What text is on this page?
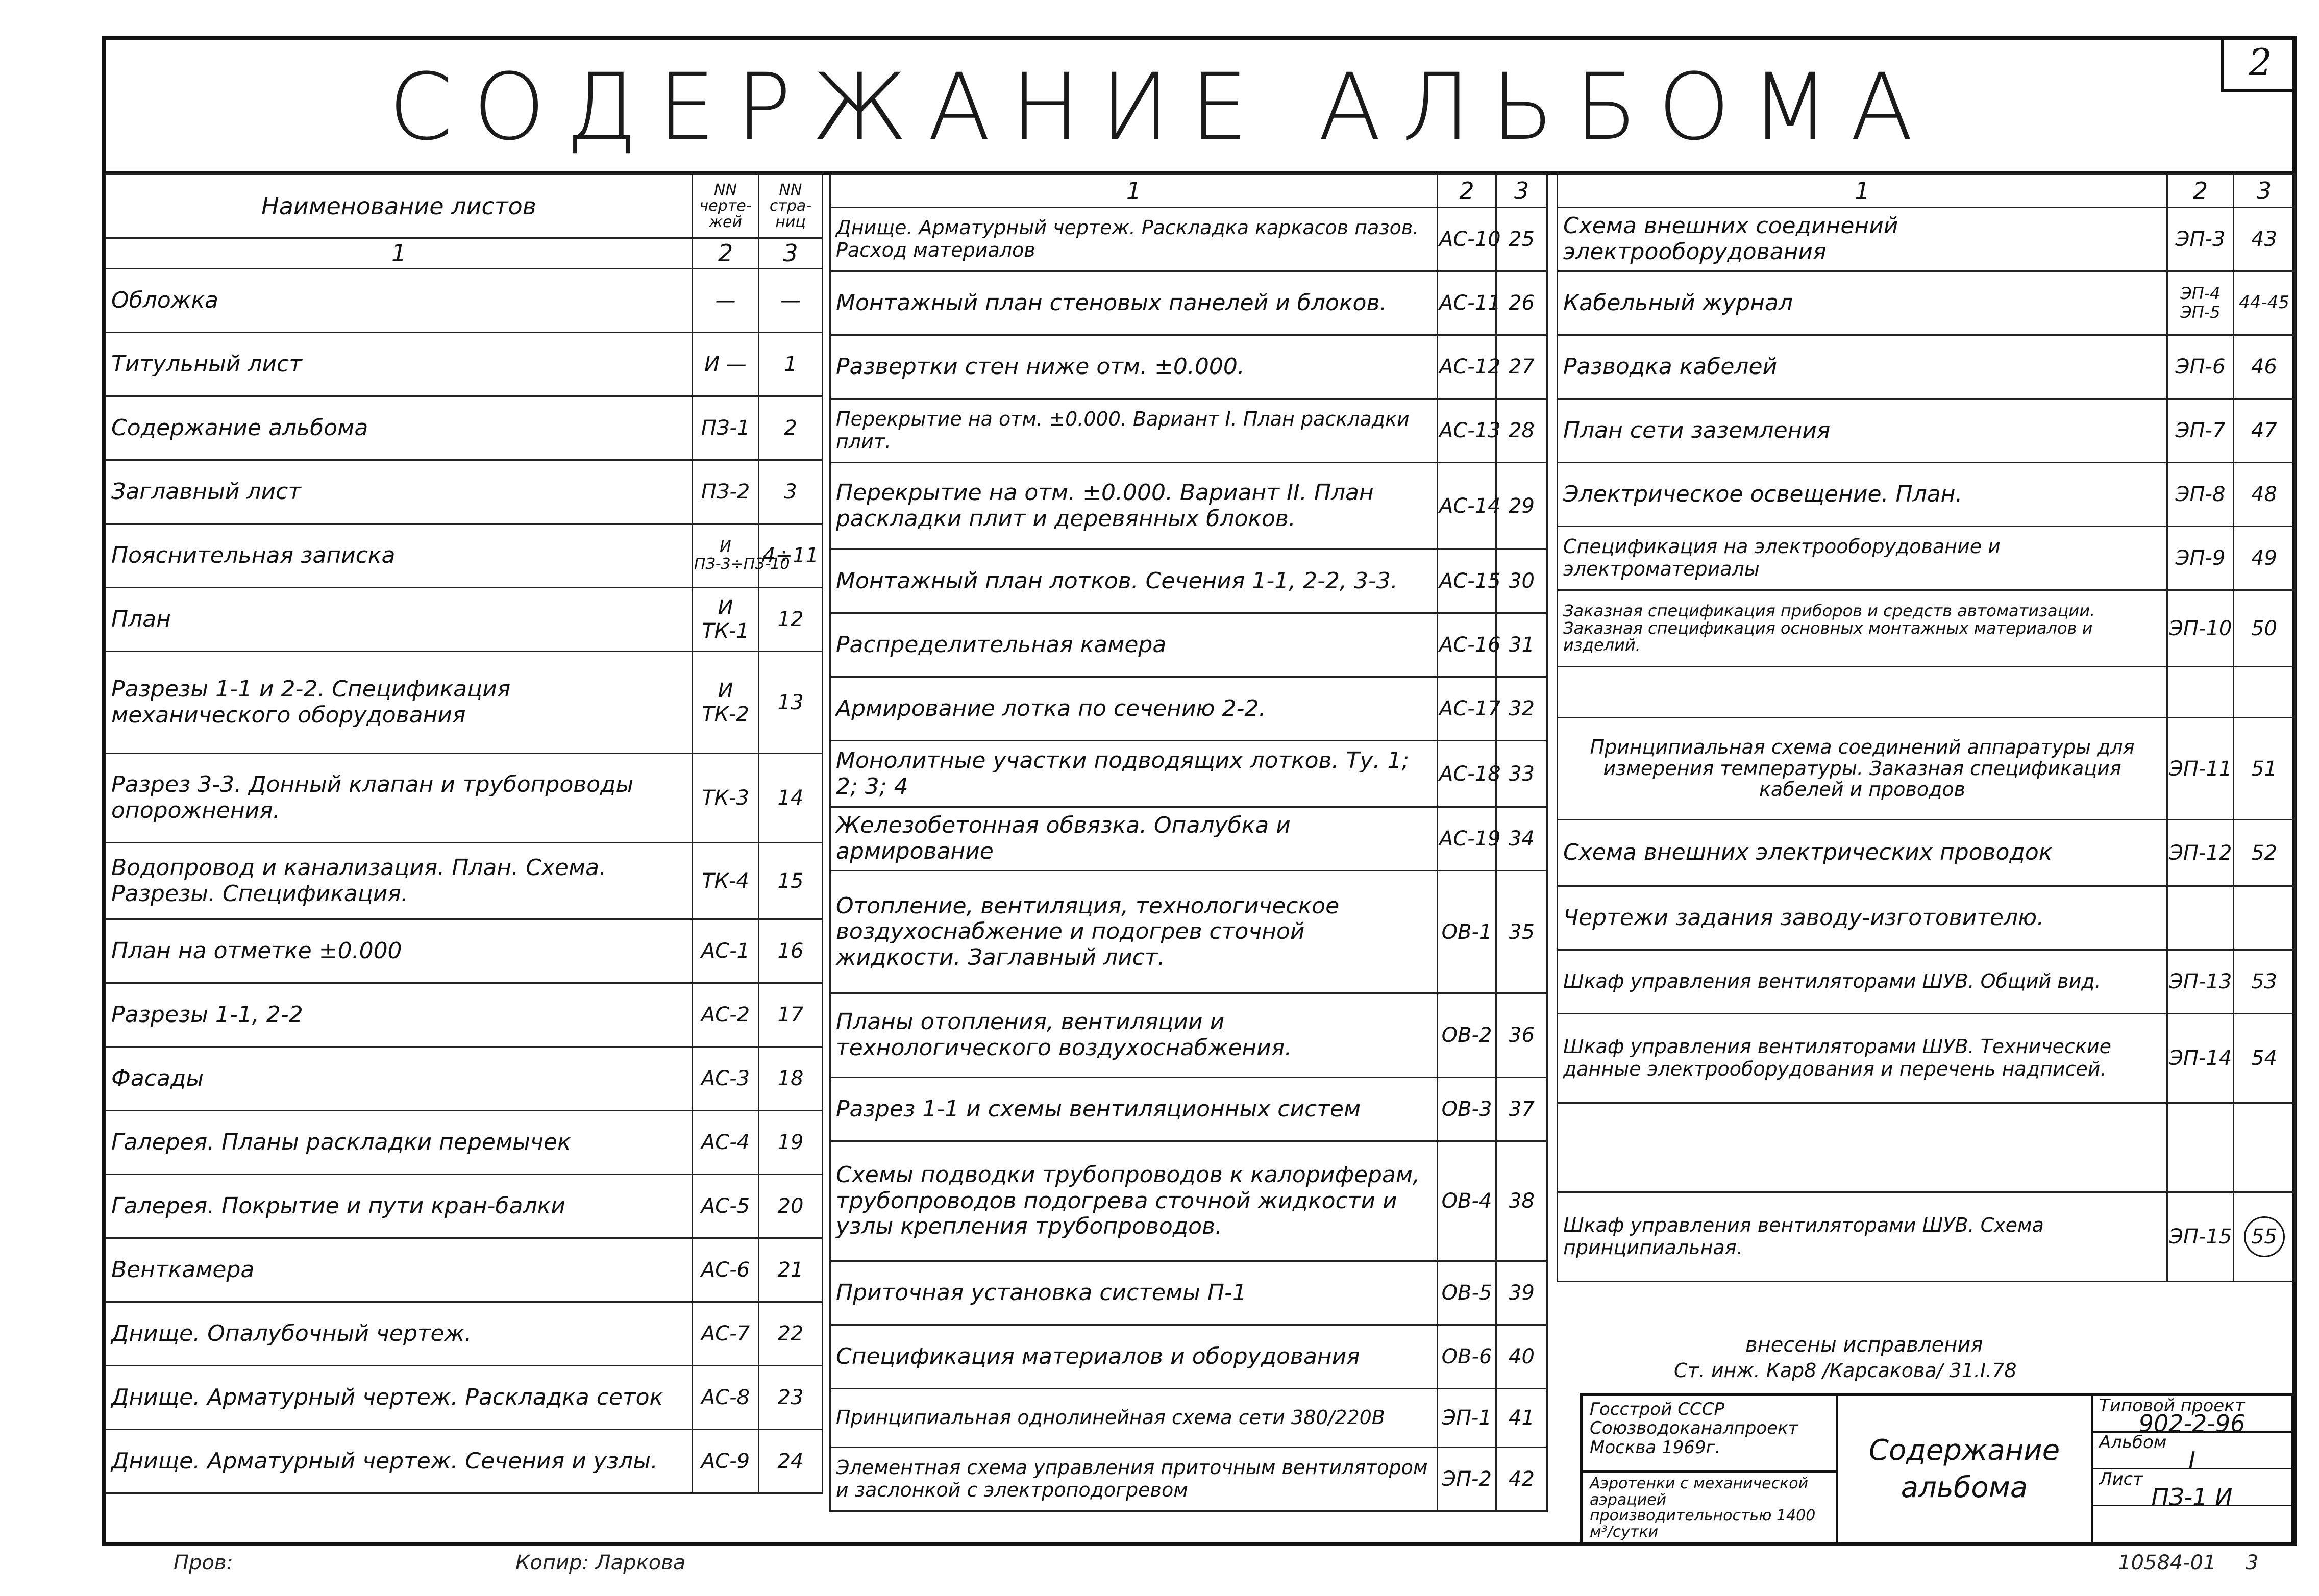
2
СОДЕРЖАНИЕ АЛЬБОМА
Наименование листов	NN черте-жей	NN стра-ниц
1	2	3
Обложка	—	—
Титульный лист	И —	1
Содержание альбома	ПЗ-1	2
Заглавный лист	ПЗ-2	3
Пояснительная записка	И ПЗ-3÷ПЗ-10	4÷11
План	И ТК-1	12
Разрезы 1-1 и 2-2. Спецификация механического оборудования	И ТК-2	13
Разрез 3-3. Донный клапан и трубопроводы опорожнения.	ТК-3	14
Водопровод и канализация. План. Схема. Разрезы. Спецификация.	ТК-4	15
План на отметке ±0.000	АС-1	16
Разрезы 1-1, 2-2	АС-2	17
Фасады	АС-3	18
Галерея. Планы раскладки перемычек	АС-4	19
Галерея. Покрытие и пути кран-балки	АС-5	20
Венткамера	АС-6	21
Днище. Опалубочный чертеж.	АС-7	22
Днище. Арматурный чертеж. Раскладка сеток	АС-8	23
Днище. Арматурный чертеж. Сечения и узлы.	АС-9	24
1	2	3
Днище. Арматурный чертеж. Раскладка каркасов пазов. Расход материалов	АС-10	25
Монтажный план стеновых панелей и блоков.	АС-11	26
Развертки стен ниже отм. ±0.000.	АС-12	27
Перекрытие на отм. ±0.000. Вариант I. План раскладки плит.	АС-13	28
Перекрытие на отм. ±0.000. Вариант II. План раскладки плит и деревянных блоков.	АС-14	29
Монтажный план лотков. Сечения 1-1, 2-2, 3-3.	АС-15	30
Распределительная камера	АС-16	31
Армирование лотка по сечению 2-2.	АС-17	32
Монолитные участки подводящих лотков. Ту. 1; 2; 3; 4	АС-18	33
Железобетонная обвязка. Опалубка и армирование	АС-19	34
Отопление, вентиляция, технологическое воздухоснабжение и подогрев сточной жидкости. Заглавный лист.	ОВ-1	35
Планы отопления, вентиляции и технологического воздухоснабжения.	ОВ-2	36
Разрез 1-1 и схемы вентиляционных систем	ОВ-3	37
Схемы подводки трубопроводов к калориферам, трубопроводов подогрева сточной жидкости и узлы крепления трубопроводов.	ОВ-4	38
Приточная установка системы П-1	ОВ-5	39
Спецификация материалов и оборудования	ОВ-6	40
Принципиальная однолинейная схема сети 380/220В	ЭП-1	41
Элементная схема управления приточным вентилятором и заслонкой с электроподогревом	ЭП-2	42
1	2	3
Схема внешних соединений электрооборудования	ЭП-3	43
Кабельный журнал	ЭП-4 ЭП-5	44-45
Разводка кабелей	ЭП-6	46
План сети заземления	ЭП-7	47
Электрическое освещение. План.	ЭП-8	48
Спецификация на электрооборудование и электроматериалы	ЭП-9	49
Заказная спецификация приборов и средств автоматизации. Заказная спецификация основных монтажных материалов и изделий.	ЭП-10	50

Принципиальная схема соединений аппаратуры для измерения температуры. Заказная спецификация кабелей и проводов	ЭП-11	51
Схема внешних электрических проводок	ЭП-12	52
Чертежи задания заводу-изготовителю.		
Шкаф управления вентиляторами ШУВ. Общий вид.	ЭП-13	53
Шкаф управления вентиляторами ШУВ. Технические данные электрооборудования и перечень надписей.	ЭП-14	54

Шкаф управления вентиляторами ШУВ. Схема принципиальная.	ЭП-15	55
внесены исправления
Ст. инж. Кар8 /Карсакова/ 31.I.78
Госстрой СССР Союзводоканалпроект Москва 1969г.
Аэротенки с механической аэрацией производительностью 1400 м³/сутки
Содержание
альбома
Типовой проект
902-2-96
Альбом
I
Лист
ПЗ-1 И
Пров:	Копир: Ларкова	10584-01 3
